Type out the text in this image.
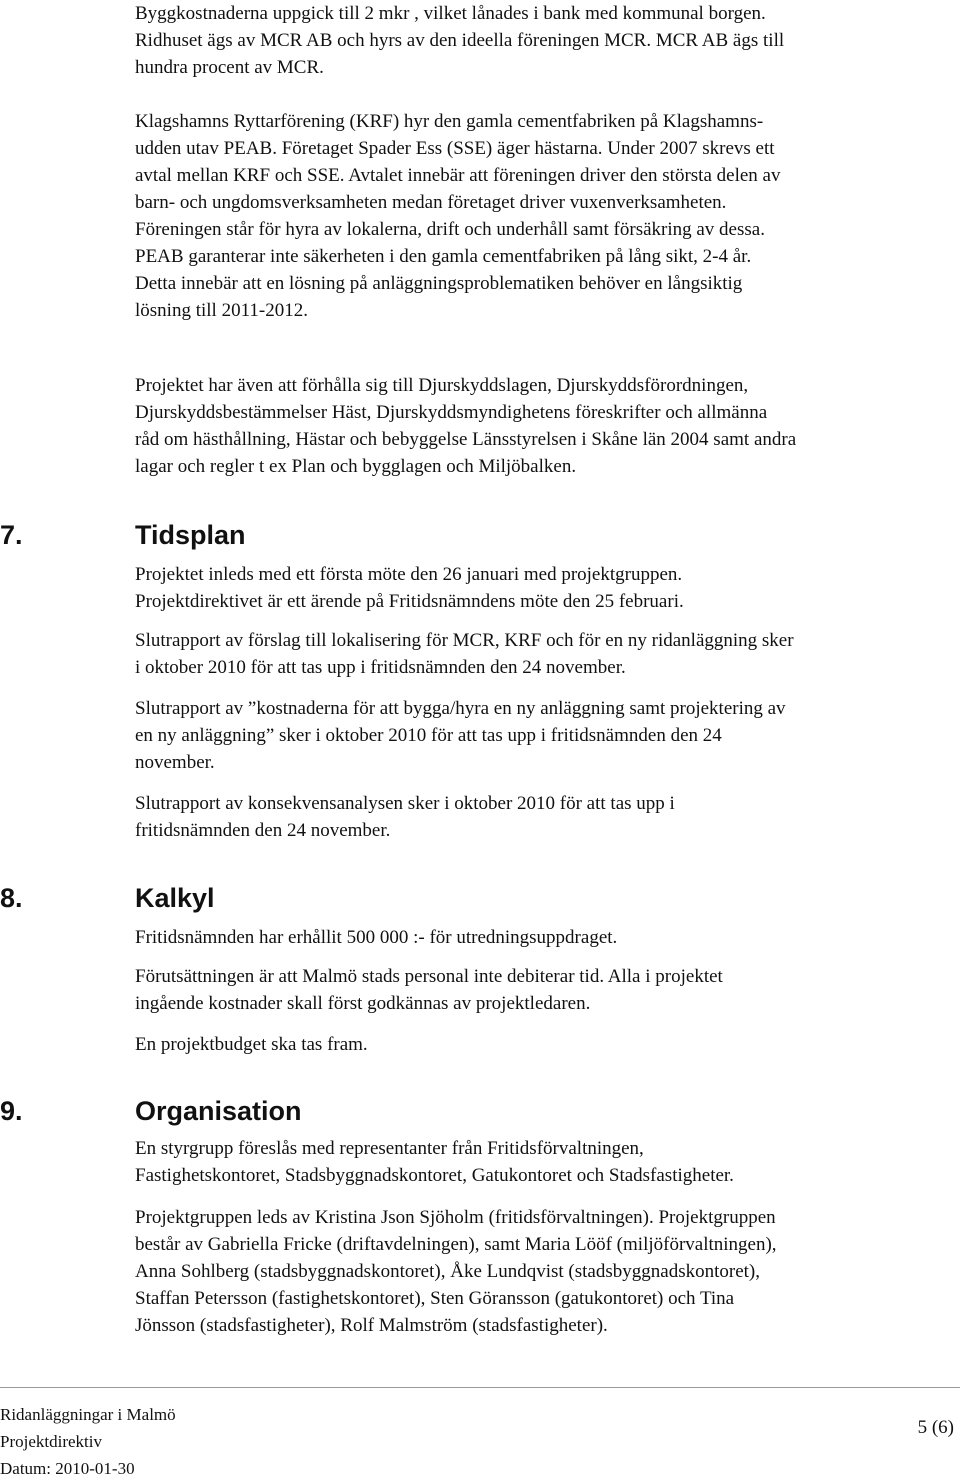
Byggkostnaderna uppgick till 2 mkr , vilket lånades i bank med kommunal borgen.
Ridhuset ägs av MCR AB och hyrs av den ideella föreningen MCR. MCR AB ägs till
hundra procent av MCR.
Klagshamns Ryttarförening (KRF) hyr den gamla cementfabriken på Klagshamns-
udden utav PEAB. Företaget Spader Ess (SSE) äger hästarna. Under 2007 skrevs ett
avtal mellan KRF och SSE. Avtalet innebär att föreningen driver den största delen av
barn- och ungdomsverksamheten medan företaget driver vuxenverksamheten.
Föreningen står för hyra av lokalerna, drift och underhåll samt försäkring av dessa.
PEAB garanterar inte säkerheten i den gamla cementfabriken på lång sikt, 2-4 år.
Detta innebär att en lösning på anläggningsproblematiken behöver en långsiktig
lösning till 2011-2012.
Projektet har även att förhålla sig till Djurskyddslagen, Djurskyddsförordningen,
Djurskyddsbestämmelser Häst, Djurskyddsmyndighetens föreskrifter och allmänna
råd om hästhållning, Hästar och bebyggelse Länsstyrelsen i Skåne län 2004 samt andra
lagar och regler t ex Plan och bygglagen och Miljöbalken.
7.	Tidsplan
Projektet inleds med ett första möte den 26 januari med projektgruppen.
Projektdirektivet är ett ärende på Fritidsnämndens möte den 25 februari.
Slutrapport av förslag till lokalisering för MCR, KRF och för en ny ridanläggning sker
i oktober 2010 för att tas upp i fritidsnämnden den 24 november.
Slutrapport av ”kostnaderna för att bygga/hyra en ny anläggning samt projektering av
en ny anläggning” sker i oktober 2010 för att tas upp i fritidsnämnden den 24
november.
Slutrapport av konsekvensanalysen sker i oktober 2010 för att tas upp i
fritidsnämnden den 24 november.
8.	Kalkyl
Fritidsnämnden har erhållit 500 000 :- för utredningsuppdraget.
Förutsättningen är att Malmö stads personal inte debiterar tid. Alla i projektet
ingående kostnader skall först godkännas av projektledaren.
En projektbudget ska tas fram.
9.	Organisation
En styrgrupp föreslås med representanter från Fritidsförvaltningen,
Fastighetskontoret, Stadsbyggnadskontoret, Gatukontoret och Stadsfastigheter.
Projektgruppen leds av Kristina Json Sjöholm (fritidsförvaltningen). Projektgruppen
består av Gabriella Fricke (driftavdelningen), samt Maria Lööf (miljöförvaltningen),
Anna Sohlberg (stadsbyggnadskontoret), Åke Lundqvist (stadsbyggnadskontoret),
Staffan Petersson (fastighetskontoret), Sten Göransson (gatukontoret) och Tina
Jönsson (stadsfastigheter), Rolf Malmström (stadsfastigheter).
Ridanläggningar i Malmö
Projektdirektiv
Datum: 2010-01-30
5 (6)
